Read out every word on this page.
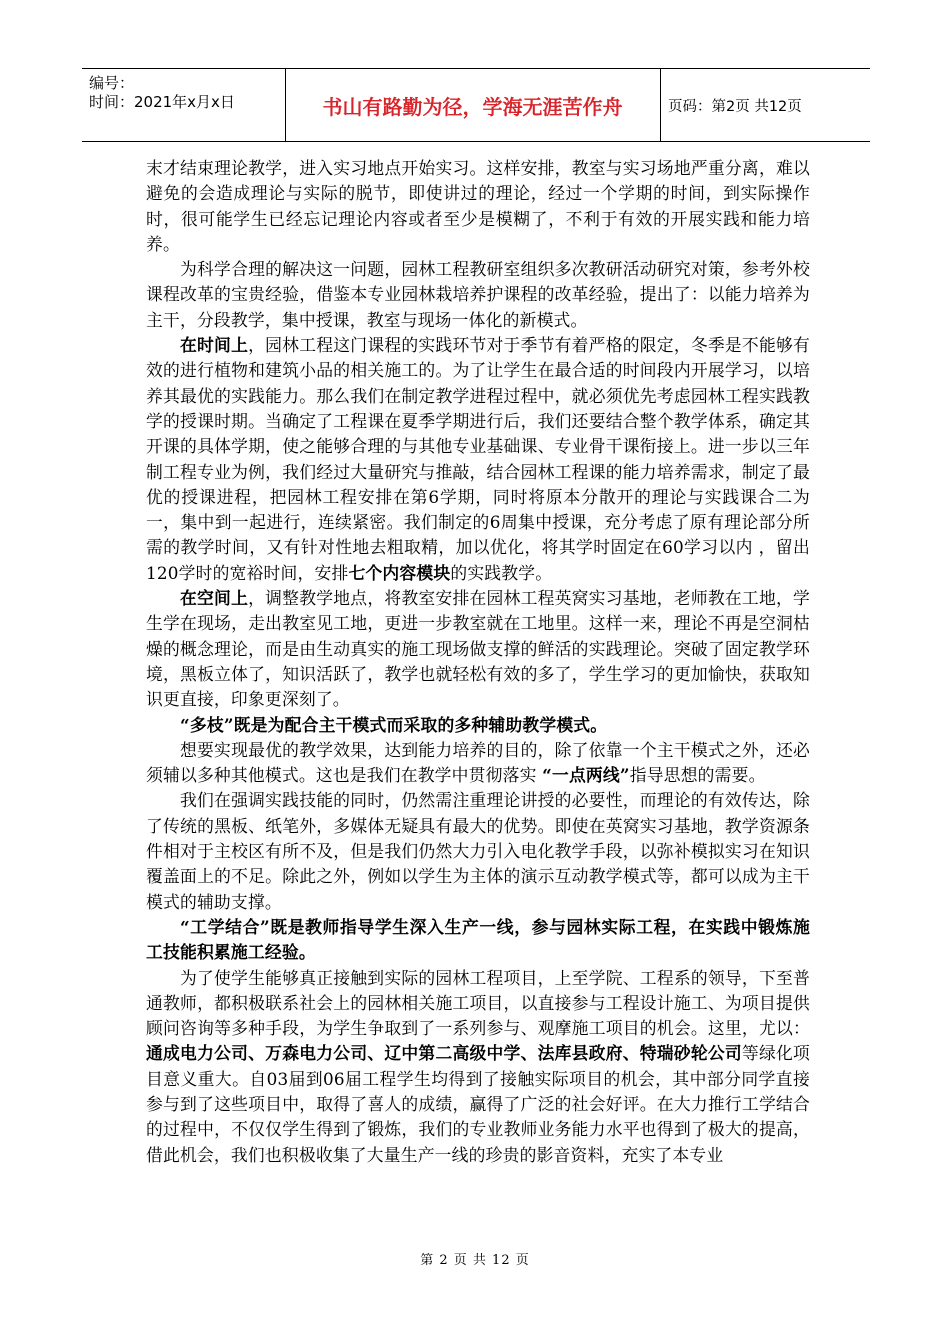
编号：
时间：2021年x月x日	书山有路勤为径，学海无涯苦作舟	页码：第2页 共12页

末才结束理论教学，进入实习地点开始实习。这样安排，教室与实习场地严重分离，难以避免的会造成理论与实际的脱节，即使讲过的理论，经过一个学期的时间，到实际操作时，很可能学生已经忘记理论内容或者至少是模糊了，不利于有效的开展实践和能力培养。

为科学合理的解决这一问题，园林工程教研室组织多次教研活动研究对策，参考外校课程改革的宝贵经验，借鉴本专业园林栽培养护课程的改革经验，提出了：以能力培养为主干，分段教学，集中授课，教室与现场一体化的新模式。

在时间上，园林工程这门课程的实践环节对于季节有着严格的限定，冬季是不能够有效的进行植物和建筑小品的相关施工的。为了让学生在最合适的时间段内开展学习，以培养其最优的实践能力。那么我们在制定教学进程过程中，就必须优先考虑园林工程实践教学的授课时期。当确定了工程课在夏季学期进行后，我们还要结合整个教学体系，确定其开课的具体学期，使之能够合理的与其他专业基础课、专业骨干课衔接上。进一步以三年制工程专业为例，我们经过大量研究与推敲，结合园林工程课的能力培养需求，制定了最优的授课进程，把园林工程安排在第6学期，同时将原本分散开的理论与实践课合二为一，集中到一起进行，连续紧密。我们制定的6周集中授课，充分考虑了原有理论部分所需的教学时间，又有针对性地去粗取精，加以优化，将其学时固定在60学习以内 ，留出120学时的宽裕时间，安排七个内容模块的实践教学。

在空间上，调整教学地点，将教室安排在园林工程英窝实习基地，老师教在工地，学生学在现场，走出教室见工地，更进一步教室就在工地里。这样一来，理论不再是空洞枯燥的概念理论，而是由生动真实的施工现场做支撑的鲜活的实践理论。突破了固定教学环境，黑板立体了，知识活跃了，教学也就轻松有效的多了，学生学习的更加愉快，获取知识更直接，印象更深刻了。

“多枝”既是为配合主干模式而采取的多种辅助教学模式。

想要实现最优的教学效果，达到能力培养的目的，除了依靠一个主干模式之外，还必须辅以多种其他模式。这也是我们在教学中贯彻落实 “一点两线”指导思想的需要。

我们在强调实践技能的同时，仍然需注重理论讲授的必要性，而理论的有效传达，除了传统的黑板、纸笔外，多媒体无疑具有最大的优势。即使在英窝实习基地，教学资源条件相对于主校区有所不及，但是我们仍然大力引入电化教学手段，以弥补模拟实习在知识覆盖面上的不足。除此之外，例如以学生为主体的演示互动教学模式等，都可以成为主干模式的辅助支撑。

“工学结合”既是教师指导学生深入生产一线，参与园林实际工程，在实践中锻炼施工技能积累施工经验。

为了使学生能够真正接触到实际的园林工程项目，上至学院、工程系的领导，下至普通教师，都积极联系社会上的园林相关施工项目，以直接参与工程设计施工、为项目提供顾问咨询等多种手段，为学生争取到了一系列参与、观摩施工项目的机会。这里，尤以：通成电力公司、万森电力公司、辽中第二高级中学、法库县政府、特瑞砂轮公司等绿化项目意义重大。自03届到06届工程学生均得到了接触实际项目的机会，其中部分同学直接参与到了这些项目中，取得了喜人的成绩，赢得了广泛的社会好评。在大力推行工学结合的过程中，不仅仅学生得到了锻炼，我们的专业教师业务能力水平也得到了极大的提高，借此机会，我们也积极收集了大量生产一线的珍贵的影音资料，充实了本专业

第 2 页 共 12 页
